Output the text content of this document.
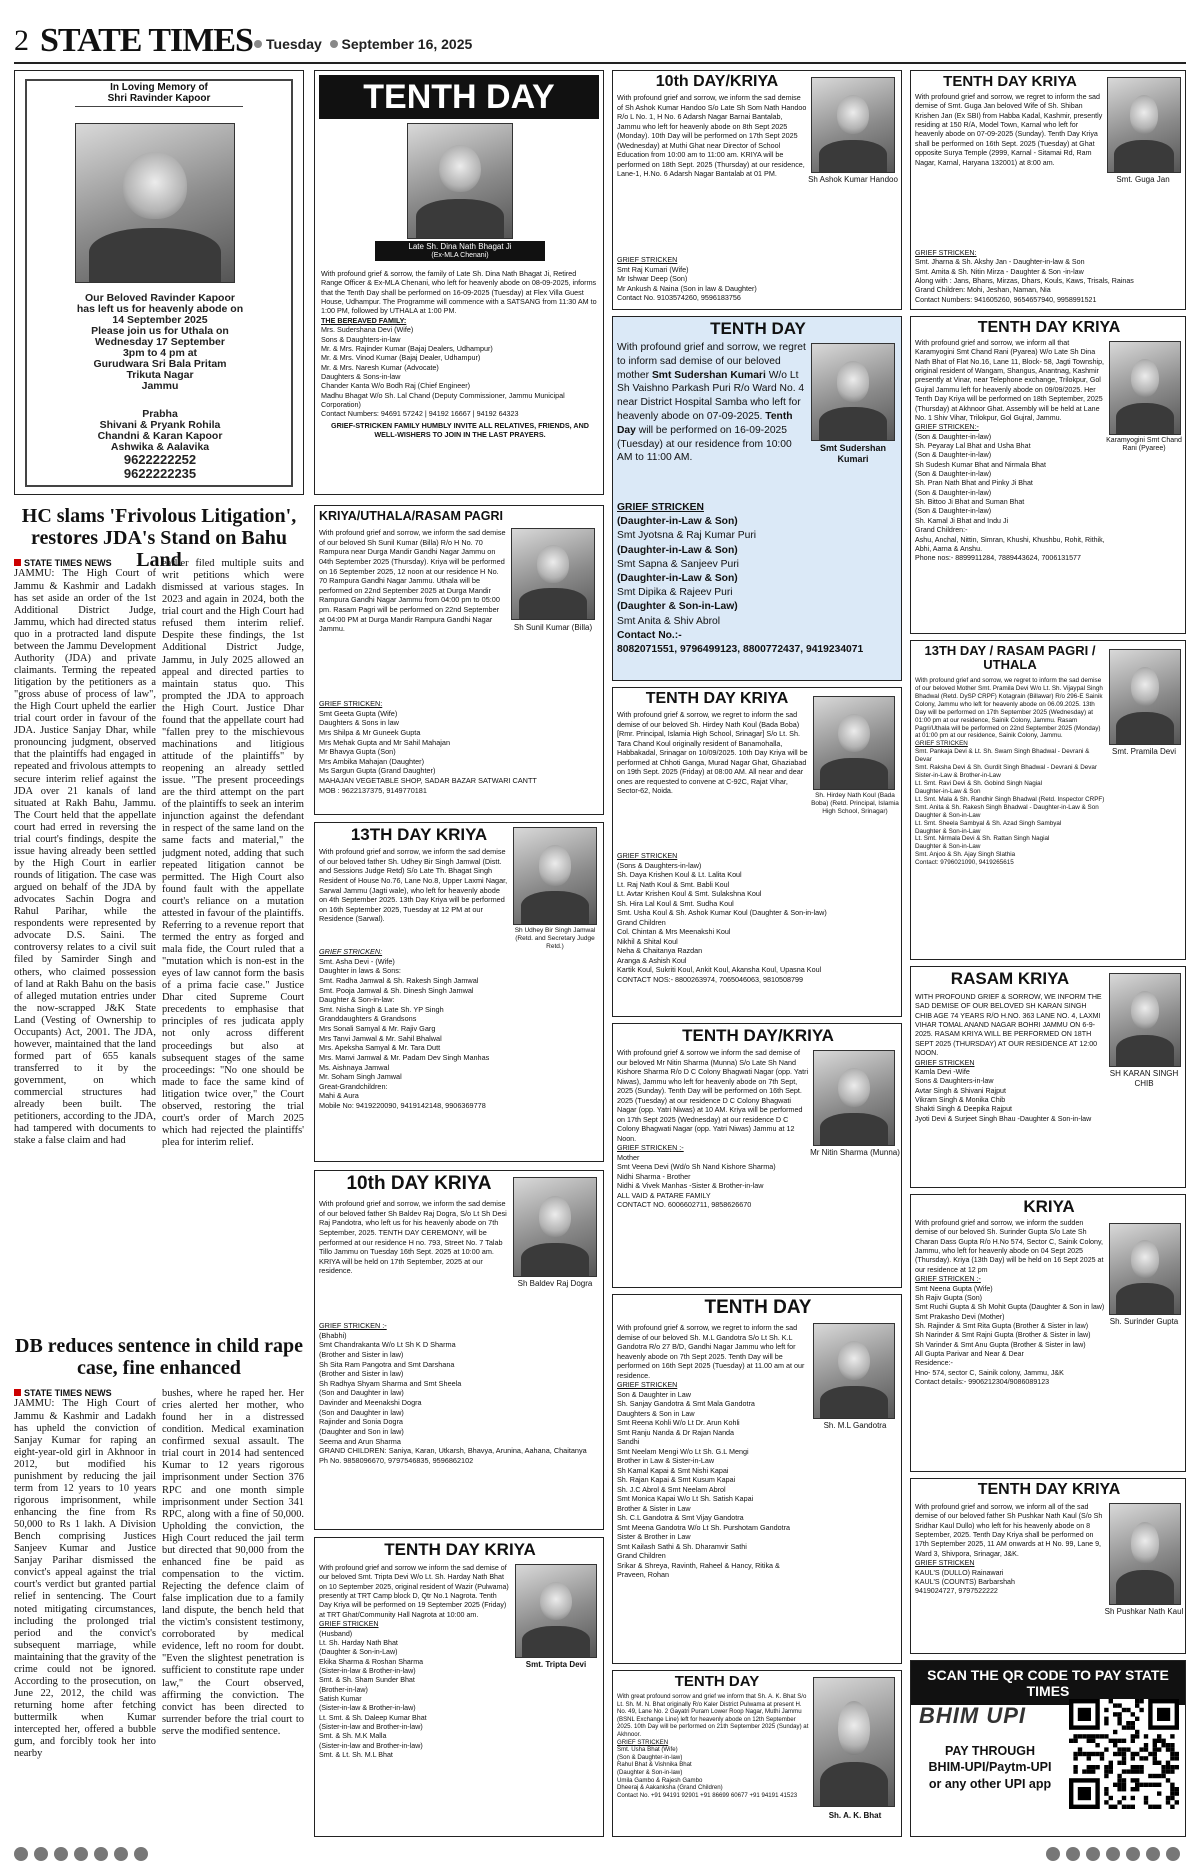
2 STATE TIMES Tuesday September 16, 2025
In Loving Memory of
Shri Ravinder Kapoor
Our Beloved Ravinder Kapoor
has left us for heavenly abode on
14 September 2025
Please join us for Uthala on
Wednesday 17 September
3pm to 4 pm at
Gurudwara Sri Bala Pritam
Trikuta Nagar
Jammu
Prabha
Shivani & Pryank Rohila
Chandni & Karan Kapoor
Ashwika & Aalavika
9622222252
9622222235
TENTH DAY
Late Sh. Dina Nath Bhagat Ji
(Ex-MLA Chenani)
With profound grief & sorrow, the family of Late Sh. Dina Nath Bhagat Ji, Retired Range Officer & Ex-MLA Chenani, who left for heavenly abode on 08-09-2025, informs that the Tenth Day shall be performed on 16-09-2025 (Tuesday) at Flex Villa Guest House, Udhampur. The Programme will commence with a SATSANG from 11:30 AM to 1:00 PM, followed by UTHALA at 1:00 PM.
THE BEREAVED FAMILY:
Mrs. Sudershana Devi (Wife)
Sons & Daughters-in-law
Mr. & Mrs. Rajinder Kumar (Bajaj Dealers, Udhampur)
Mr. & Mrs. Vinod Kumar (Bajaj Dealer, Udhampur)
Mr. & Mrs. Naresh Kumar (Advocate)
Daughters & Sons-in-law
Chander Kanta W/o Bodh Raj (Chief Engineer)
Madhu Bhagat W/o Sh. Lal Chand (Deputy Commissioner, Jammu Municipal Corporation)
Contact Numbers: 94691 57242 | 94192 16667 | 94192 64323
GRIEF-STRICKEN FAMILY HUMBLY INVITE ALL RELATIVES, FRIENDS, AND WELL-WISHERS TO JOIN IN THE LAST PRAYERS.
HC slams 'Frivolous Litigation', restores JDA's Stand on Bahu Land
STATE TIMES NEWS
JAMMU: The High Court of Jammu & Kashmir and Ladakh has set aside an order of the 1st Additional District Judge, Jammu, which had directed status quo in a protracted land dispute between the Jammu Development Authority (JDA) and private claimants. Terming the repeated litigation by the petitioners as a "gross abuse of process of law", the High Court upheld the earlier trial court order in favour of the JDA. Justice Sanjay Dhar, while pronouncing judgment, observed that the plaintiffs had engaged in repeated and frivolous attempts to secure interim relief against the JDA over 21 kanals of land situated at Rakh Bahu, Jammu. The Court held that the appellate court had erred in reversing the trial court's findings, despite the issue having already been settled by the High Court in earlier rounds of litigation. The case was argued on behalf of the JDA by advocates Sachin Dogra and Rahul Parihar, while the respondents were represented by advocate D.S. Saini. The controversy relates to a civil suit filed by Samirder Singh and others, who claimed possession of land at Rakh Bahu on the basis of alleged mutation entries under the now-scrapped J&K State Land (Vesting of Ownership to Occupants) Act, 2001. The JDA, however, maintained that the land formed part of 655 kanals transferred to it by the government, on which commercial structures had already been built. The petitioners, according to the JDA, had tampered with documents to stake a false claim and had
earlier filed multiple suits and writ petitions which were dismissed at various stages. In 2023 and again in 2024, both the trial court and the High Court had refused them interim relief. Despite these findings, the 1st Additional District Judge, Jammu, in July 2025 allowed an appeal and directed parties to maintain status quo. This prompted the JDA to approach the High Court. Justice Dhar found that the appellate court had "fallen prey to the mischievous machinations and litigious attitude of the plaintiffs" by reopening an already settled issue. "The present proceedings are the third attempt on the part of the plaintiffs to seek an interim injunction against the defendant in respect of the same land on the same facts and material," the judgment noted, adding that such repeated litigation cannot be permitted. The High Court also found fault with the appellate court's reliance on a mutation attested in favour of the plaintiffs. Referring to a revenue report that termed the entry as forged and mala fide, the Court ruled that a "mutation which is non-est in the eyes of law cannot form the basis of a prima facie case." Justice Dhar cited Supreme Court precedents to emphasise that principles of res judicata apply not only across different proceedings but also at subsequent stages of the same proceedings: "No one should be made to face the same kind of litigation twice over," the Court observed, restoring the trial court's order of March 2025 which had rejected the plaintiffs' plea for interim relief.
DB reduces sentence in child rape case, fine enhanced
STATE TIMES NEWS
JAMMU: The High Court of Jammu & Kashmir and Ladakh has upheld the conviction of Sanjay Kumar for raping an eight-year-old girl in Akhnoor in 2012, but modified his punishment by reducing the jail term from 12 years to 10 years rigorous imprisonment, while enhancing the fine from Rs 50,000 to Rs 1 lakh. A Division Bench comprising Justices Sanjeev Kumar and Justice Sanjay Parihar dismissed the convict's appeal against the trial court's verdict but granted partial relief in sentencing. The Court noted mitigating circumstances, including the prolonged trial period and the convict's subsequent marriage, while maintaining that the gravity of the crime could not be ignored. According to the prosecution, on June 22, 2012, the child was returning home after fetching buttermilk when Kumar intercepted her, offered a bubble gum, and forcibly took her into nearby
bushes, where he raped her. Her cries alerted her mother, who found her in a distressed condition. Medical examination confirmed sexual assault. The trial court in 2014 had sentenced Kumar to 12 years rigorous imprisonment under Section 376 RPC and one month simple imprisonment under Section 341 RPC, along with a fine of 50,000. Upholding the conviction, the High Court reduced the jail term but directed that 90,000 from the enhanced fine be paid as compensation to the victim. Rejecting the defence claim of false implication due to a family land dispute, the bench held that the victim's consistent testimony, corroborated by medical evidence, left no room for doubt. "Even the slightest penetration is sufficient to constitute rape under law," the Court observed, affirming the conviction. The convict has been directed to surrender before the trial court to serve the modified sentence.
KRIYA/UTHALA/RASAM PAGRI
Sh Sunil Kumar (Billa)
With profound grief and sorrow, we inform the sad demise of our beloved Sh Sunil Kumar (Billa) R/o H No. 70 Rampura near Durga Mandir Gandhi Nagar Jammu on 04th September 2025 (Thursday). Kriya will be performed on 16 September 2025, 12 noon at our residence H No. 70 Rampura Gandhi Nagar Jammu. Uthala will be performed on 22nd September 2025 at Durga Mandir Rampura Gandhi Nagar Jammu from 04:00 pm to 05:00 pm. Rasam Pagri will be performed on 22nd September at 04:00 PM at Durga Mandir Rampura Gandhi Nagar Jammu.
GRIEF STRICKEN:
Smt Geeta Gupta (Wife)
Daughters & Sons in law
Mrs Shilpa & Mr Guneek Gupta
Mrs Mehak Gupta and Mr Sahil Mahajan
Mr Bhavya Gupta (Son)
Mrs Ambika Mahajan (Daughter)
Ms Sargun Gupta (Grand Daughter)
MAHAJAN VEGETABLE SHOP, SADAR BAZAR SATWARI CANTT
MOB : 9622137375, 9149770181
13TH DAY KRIYA
Sh Udhey Bir Singh Jamwal (Retd. and Secretary Judge Retd.)
With profound grief and sorrow, we inform the sad demise of our beloved father Sh. Udhey Bir Singh Jamwal (Distt. and Sessions Judge Retd) S/o Late Th. Bhagat Singh Resident of House No.76, Lane No.8, Upper Laxmi Nagar, Sarwal Jammu (Jagti wale), who left for heavenly abode on 4th September 2025. 13th Day Kriya will be performed on 16th September 2025, Tuesday at 12 PM at our Residence (Sarwal).
GRIEF STRICKEN:
Smt. Asha Devi - (Wife)
Daughter in laws & Sons:
Smt. Radha Jamwal & Sh. Rakesh Singh Jamwal
Smt. Pooja Jamwal & Sh. Dinesh Singh Jamwal
Daughter & Son-in-law:
Smt. Nisha Singh & Late Sh. YP Singh
Granddaughters & Grandsons
Mrs Sonali Samyal & Mr. Rajiv Garg
Mrs Tanvi Jamwal & Mr. Sahil Bhalwal
Mrs. Apeksha Samyal & Mr. Tara Dutt
Mrs. Manvi Jamwal & Mr. Padam Dev Singh Manhas
Ms. Aishnaya Jamwal
Mr. Soham Singh Jamwal
Great-Grandchildren:
Mahi & Aura
Mobile No: 9419220090, 9419142148, 9906369778
10th DAY KRIYA
Sh Baldev Raj Dogra
With profound grief and sorrow, we inform the sad demise of our beloved father Sh Baldev Raj Dogra, S/o Lt Sh Desi Raj Pandotra, who left us for his heavenly abode on 7th September, 2025. TENTH DAY CEREMONY, will be performed at our residence H no. 793, Street No. 7 Talab Tillo Jammu on Tuesday 16th Sept. 2025 at 10:00 am. KRIYA will be held on 17th September, 2025 at our residence.
GRIEF STRICKEN :-
(Bhabhi)
Smt Chandrakanta W/o Lt Sh K D Sharma
(Brother and Sister in law)
Sh Sita Ram Pangotra and Smt Darshana
(Brother and Sister in law)
Sh Radhya Shyam Sharma and Smt Sheela
(Son and Daughter in law)
Davinder and Meenakshi Dogra
(Son and Daughter in law)
Rajinder and Sonia Dogra
(Daughter and Son in law)
Seema and Arun Sharma
GRAND CHILDREN: Saniya, Karan, Utkarsh, Bhavya, Arunina, Aahana, Chaitanya
Ph No. 9858096670, 9797546835, 9596862102
TENTH DAY KRIYA
Smt. Tripta Devi
With profound grief and sorrow we inform the sad demise of our beloved Smt. Tripta Devi W/o Lt. Sh. Harday Nath Bhat on 10 September 2025, original resident of Wazir (Pulwama) presently at TRT Camp block D, Qtr No.1 Nagrota. Tenth Day Kriya will be performed on 19 September 2025 (Friday) at TRT Ghat/Community Hall Nagrota at 10:00 am.
GRIEF STRICKEN
(Husband)
Lt. Sh. Harday Nath Bhat
(Daughter & Son-in-Law)
Ekika Sharma & Roshan Sharma
(Sister-in-law & Brother-in-law)
Smt. & Sh. Sham Sunder Bhat
(Brother-in-law)
Satish Kumar
(Sister-in-law & Brother-in-law)
Lt. Smt. & Sh. Daleep Kumar Bhat
(Sister-in-law and Brother-in-law)
Smt. & Sh. M.K Malla
(Sister-in-law and Brother-in-law)
Smt. & Lt. Sh. M.L Bhat
10th DAY/KRIYA
Sh Ashok Kumar Handoo
With profound grief and sorrow, we inform the sad demise of Sh Ashok Kumar Handoo S/o Late Sh Som Nath Handoo R/o L No. 1, H No. 6 Adarsh Nagar Barnai Bantalab, Jammu who left for heavenly abode on 8th Sept 2025 (Monday). 10th Day will be performed on 17th Sept 2025 (Wednesday) at Muthi Ghat near Director of School Education from 10:00 am to 11:00 am. KRIYA will be performed on 18th Sept. 2025 (Thursday) at our residence, Lane-1, H.No. 6 Adarsh Nagar Bantalab at 01 PM.
GRIEF STRICKEN
Smt Raj Kumari (Wife)
Mr Ishwar Deep (Son)
Mr Ankush & Naina (Son in law & Daughter)
Contact No. 9103574260, 9596183756
TENTH DAY
Smt Sudershan Kumari
With profound grief and sorrow, we regret to inform sad demise of our beloved mother Smt Sudershan Kumari W/o Lt Sh Vaishno Parkash Puri R/o Ward No. 4 near District Hospital Samba who left for heavenly abode on 07-09-2025. Tenth Day will be performed on 16-09-2025 (Tuesday) at our residence from 10:00 AM to 11:00 AM.
GRIEF STRICKEN
(Daughter-in-Law & Son)
Smt Jyotsna & Raj Kumar Puri
(Daughter-in-Law & Son)
Smt Sapna & Sanjeev Puri
(Daughter-in-Law & Son)
Smt Dipika & Rajeev Puri
(Daughter & Son-in-Law)
Smt Anita & Shiv Abrol
Contact No.:-
8082071551, 9796499123, 8800772437, 9419234071
TENTH DAY KRIYA
Sh. Hirdey Nath Koul (Bada Boba) (Retd. Principal, Islamia High School, Srinagar)
With profound grief & sorrow, we regret to inform the sad demise of our beloved Sh. Hirdey Nath Koul (Bada Boba) [Rmr. Principal, Islamia High School, Srinagar] S/o Lt. Sh. Tara Chand Koul originally resident of Banamohalla, Habbakadal, Srinagar on 10/09/2025. 10th Day Kriya will be performed at Chhoti Ganga, Murad Nagar Ghat, Ghaziabad on 19th Sept. 2025 (Friday) at 08:00 AM. All near and dear ones are requested to convene at C-92C, Rajat Vihar, Sector-62, Noida.
GRIEF STRICKEN
(Sons & Daughters-in-law)
Sh. Daya Krishen Koul & Lt. Lalita Koul
Lt. Raj Nath Koul & Smt. Babli Koul
Lt. Avtar Krishen Koul & Smt. Sulakshna Koul
Sh. Hira Lal Koul & Smt. Sudha Koul
Smt. Usha Koul & Sh. Ashok Kumar Koul (Daughter & Son-in-law)
Grand Children
Col. Chintan & Mrs Meenakshi Koul
Nikhil & Shital Koul
Neha & Chaitanya Razdan
Aranga & Ashish Koul
Kartik Koul, Sukriti Koul, Ankit Koul, Akansha Koul, Upasna Koul
CONTACT NOS:- 8800263974, 7065046063, 9810508799
TENTH DAY/KRIYA
Mr Nitin Sharma (Munna)
With profound grief & sorrow we inform the sad demise of our beloved Mr Nitin Sharma (Munna) S/o Late Sh Nand Kishore Sharma R/o D C Colony Bhagwati Nagar (opp. Yatri Niwas), Jammu who left for heavenly abode on 7th Sept, 2025 (Sunday). Tenth Day will be performed on 16th Sept. 2025 (Tuesday) at our residence D C Colony Bhagwati Nagar (opp. Yatri Niwas) at 10 AM. Kriya will be performed on 17th Sept 2025 (Wednesday) at our residence D C Colony Bhagwati Nagar (opp. Yatri Niwas) Jammu at 12 Noon.
GRIEF STRICKEN :-
Mother
Smt Veena Devi (Wd/o Sh Nand Kishore Sharma)
Nidhi Sharma - Brother
Nidhi & Vivek Manhas -Sister & Brother-in-law
ALL VAID & PATARE FAMILY
CONTACT NO. 6006602711, 9858626670
TENTH DAY
Sh. M.L Gandotra
With profound grief & sorrow, we regret to inform the sad demise of our beloved Sh. M.L Gandotra S/o Lt Sh. K.L Gandotra R/o 27 B/D, Gandhi Nagar Jammu who left for heavenly abode on 7th Sept 2025. Tenth Day will be performed on 16th Sept 2025 (Tuesday) at 11.00 am at our residence.
GRIEF STRICKEN
Son & Daughter in Law
Sh. Sanjay Gandotra & Smt Mala Gandotra
Daughters & Son in Law
Smt Reena Kohli W/o Lt Dr. Arun Kohli
Smt Ranju Nanda & Dr Rajan Nanda
Sandhi
Smt Neelam Mengi W/o Lt Sh. G.L Mengi
Brother in Law & Sister-in-Law
Sh Kamal Kapai & Smt Nishi Kapai
Sh. Rajan Kapai & Smt Kusum Kapai
Sh. J.C Abrol & Smt Neelam Abrol
Smt Monica Kapai W/o Lt Sh. Satish Kapai
Brother & Sister in Law
Sh. C.L Gandotra & Smt Vijay Gandotra
Smt Meena Gandotra W/o Lt Sh. Purshotam Gandotra
Sister & Brother in Law
Smt Kailash Sathi & Sh. Dharamvir Sathi
Grand Children
Srikar & Shreya, Ravinth, Raheel & Hancy, Ritika & Praveen, Rohan
TENTH DAY
Sh. A. K. Bhat
With great profound sorrow and grief we inform that Sh. A. K. Bhat S/o Lt. Sh. M. N. Bhat originally R/o Kaler District Pulwama at present H. No. 49, Lane No. 2 Gayatri Puram Lower Roop Nagar, Muthi Jammu (BSNL Exchange Line) left for heavenly abode on 12th September 2025. 10th Day will be performed on 21th September 2025 (Sunday) at Akhnoor.
GRIEF STRICKEN
Smt. Usha Bhat (Wife)
(Son & Daughter-in-law)
Rahul Bhat & Vishnika Bhat
(Daughter & Son-in-law)
Umila Gambo & Rajesh Gambo
Dheeraj & Aakanksha (Grand Children)
Contact No. +91 94191 92901 +91 86699 60677 +91 94191 41523
TENTH DAY KRIYA
Smt. Guga Jan
With profound grief and sorrow, we regret to inform the sad demise of Smt. Guga Jan beloved Wife of Sh. Shiban Krishen Jan (Ex SBI) from Habba Kadal, Kashmir, presently residing at 150 R/A, Model Town, Karnal who left for heavenly abode on 07-09-2025 (Sunday). Tenth Day Kriya shall be performed on 16th Sept. 2025 (Tuesday) at Ghat opposite Surya Temple (2999, Karnal - Sitamai Rd, Ram Nagar, Karnal, Haryana 132001) at 8:00 am.
GRIEF STRICKEN:
Smt. Jharna & Sh. Akshy Jan - Daughter-in-law & Son
Smt. Amita & Sh. Nitin Mirza - Daughter & Son -in-law
Along with : Jans, Bhans, Mirzas, Dhars, Kouls, Kaws, Trisals, Rainas
Grand Children: Mohi, Jeshan, Naman, Nia
Contact Numbers: 941605260, 9654657940, 9958991521
TENTH DAY KRIYA
Karamyogini Smt Chand Rani (Pyaree)
With profound grief and sorrow, we inform all that Karamyogini Smt Chand Rani (Pyarea) W/o Late Sh Dina Nath Bhat of Flat No.16, Lane 11, Block- 58, Jagti Township, original resident of Wangam, Shangus, Anantnag, Kashmir presently at Vinar, near Telephone exchange, Trilokpur, Gol Gujral Jammu left for heavenly abode on 09/09/2025. Her Tenth Day Kriya will be performed on 18th September, 2025 (Thursday) at Akhnoor Ghat. Assembly will be held at Lane No. 1 Shiv Vihar, Trilokpur, Gol Gujral, Jammu.
GRIEF STRICKEN:-
(Son & Daughter-in-law)
Sh. Peyaray Lal Bhat and Usha Bhat
(Son & Daughter-in-law)
Sh Sudesh Kumar Bhat and Nirmala Bhat
(Son & Daughter-in-law)
Sh. Pran Nath Bhat and Pinky Ji Bhat
(Son & Daughter-in-law)
Sh. Bittoo Ji Bhat and Suman Bhat
(Son & Daughter-in-law)
Sh. Kamal Ji Bhat and Indu Ji
Grand Children:-
Ashu, Anchal, Nittin, Simran, Khushi, Khushbu, Rohit, Rithik, Abhi, Aarna & Anshu.
Phone nos:- 8899911284, 7889443624, 7006131577
13TH DAY / RASAM PAGRI / UTHALA
Smt. Pramila Devi
With profound grief and sorrow, we regret to inform the sad demise of our beloved Mother Smt. Pramila Devi W/o Lt. Sh. Vijaypal Singh Bhadwal (Retd. DySP CRPF) Kotagrain (Billawar) R/o 296-E Sainik Colony, Jammu who left for heavenly abode on 06.09.2025. 13th Day will be performed on 17th September 2025 (Wednesday) at 01:00 pm at our residence, Sainik Colony, Jammu. Rasam Pagri/Uthala will be performed on 22nd September 2025 (Monday) at 01:00 pm at our residence, Sainik Colony, Jammu.
GRIEF STRICKEN
Smt. Pankaja Devi & Lt. Sh. Swarn Singh Bhadwal - Devrani & Devar
Smt. Raksha Devi & Sh. Gurdit Singh Bhadwal - Devrani & Devar
Sister-in-Law & Brother-in-Law
Lt. Smt. Ravi Devi & Sh. Gobind Singh Nagial
Daughter-in-Law & Son
Lt. Smt. Mala & Sh. Randhir Singh Bhadwal (Retd. Inspector CRPF)
Smt. Anita & Sh. Rakesh Singh Bhadwal - Daughter-in-Law & Son
Daughter & Son-in-Law
Lt. Smt. Sheela Sambyal & Sh. Azad Singh Sambyal
Daughter & Son-in-Law
Lt. Smt. Nirmala Devi & Sh. Rattan Singh Nagial
Daughter & Son-in-Law
Smt. Anjoo & Sh. Ajay Singh Slathia
Contact: 9796021090, 9419265615
RASAM KRIYA
SH KARAN SINGH CHIB
WITH PROFOUND GRIEF & SORROW, WE INFORM THE SAD DEMISE OF OUR BELOVED SH KARAN SINGH CHIB AGE 74 YEARS R/O H.NO. 363 LANE NO. 4, LAXMI VIHAR TOMAL ANAND NAGAR BOHRI JAMMU ON 6-9-2025. RASAM KRIYA WILL BE PERFORMED ON 18TH SEPT 2025 (THURSDAY) AT OUR RESIDENCE AT 12:00 NOON.
GRIEF STRICKEN
Kamla Devi -Wife
Sons & Daughters-in-law
Avtar Singh & Shivani Rajput
Vikram Singh & Monika Chib
Shakti Singh & Deepika Rajput
Jyoti Devi & Surjeet Singh Bhau -Daughter & Son-in-law
KRIYA
Sh. Surinder Gupta
With profound grief and sorrow, we inform the sudden demise of our beloved Sh. Surinder Gupta S/o Late Sh Charan Dass Gupta R/o H.No 574, Sector C, Sainik Colony, Jammu, who left for heavenly abode on 04 Sept 2025 (Thursday). Kriya (13th Day) will be held on 16 Sept 2025 at our residence at 12 pm
GRIEF STRICKEN :-
Smt Neena Gupta (Wife)
Sh Rajiv Gupta (Son)
Smt Ruchi Gupta & Sh Mohit Gupta (Daughter & Son in law)
Smt Prakasho Devi (Mother)
Sh. Rajinder & Smt Rita Gupta (Brother & Sister in law)
Sh Narinder & Smt Rajni Gupta (Brother & Sister in law)
Sh Varinder & Smt Anu Gupta (Brother & Sister in law)
All Gupta Parivar and Near & Dear
Residence:-
Hno- 574, sector C, Sainik colony, Jammu, J&K
Contact details:- 9906212304/9086089123
TENTH DAY KRIYA
Sh Pushkar Nath Kaul
With profound grief and sorrow, we inform all of the sad demise of our beloved father Sh Pushkar Nath Kaul (S/o Sh Sridhar Kaul Dullo) who left for his heavenly abode on 8 September, 2025. Tenth Day Kriya shall be performed on 17th September 2025, 11 AM onwards at H No. 99, Lane 9, Ward 3, Shivpora, Srinagar, J&K.
GRIEF STRICKEN
KAUL'S (DULLO) Rainawari
KAUL'S (COUNTS) Barbarshah
9419024727, 9797522222
SCAN THE QR CODE TO PAY STATE TIMES
BHIM UPI
PAY THROUGH
BHIM-UPI/Paytm-UPI
or any other UPI app
